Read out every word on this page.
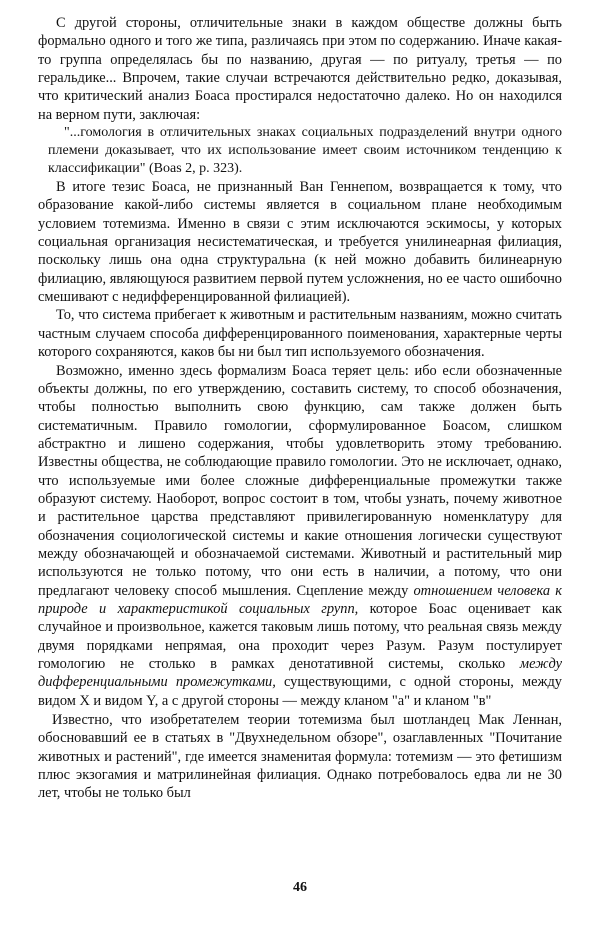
С другой стороны, отличительные знаки в каждом обществе должны быть формально одного и того же типа, различаясь при этом по содержанию. Иначе какая-то группа определялась бы по названию, другая — по ритуалу, третья — по геральдике... Впрочем, такие случаи встречаются действительно редко, доказывая, что критический анализ Боаса простирался недостаточно далеко. Но он находился на верном пути, заключая:

"...гомология в отличительных знаках социальных подразделений внутри одного племени доказывает, что их использование имеет своим источником тенденцию к классификации" (Boas 2, p. 323).

В итоге тезис Боаса, не признанный Ван Геннепом, возвращается к тому, что образование какой-либо системы является в социальном плане необходимым условием тотемизма. Именно в связи с этим исключаются эскимосы, у которых социальная организация несистематическая, и требуется унилинеарная филиация, поскольку лишь она одна структуральна (к ней можно добавить билинеарную филиацию, являющуюся развитием первой путем усложнения, но ее часто ошибочно смешивают с недифференцированной филиацией).

То, что система прибегает к животным и растительным названиям, можно считать частным случаем способа дифференцированного поименования, характерные черты которого сохраняются, каков бы ни был тип используемого обозначения.

Возможно, именно здесь формализм Боаса теряет цель: ибо если обозначенные объекты должны, по его утверждению, составить систему, то способ обозначения, чтобы полностью выполнить свою функцию, сам также должен быть систематичным. Правило гомологии, сформулированное Боасом, слишком абстрактно и лишено содержания, чтобы удовлетворить этому требованию. Известны общества, не соблюдающие правило гомологии. Это не исключает, однако, что используемые ими более сложные дифференциальные промежутки также образуют систему. Наоборот, вопрос состоит в том, чтобы узнать, почему животное и растительное царства представляют привилегированную номенклатуру для обозначения социологической системы и какие отношения логически существуют между обозначающей и обозначаемой системами. Животный и растительный мир используются не только потому, что они есть в наличии, а потому, что они предлагают человеку способ мышления. Сцепление между отношением человека к природе и характеристикой социальных групп, которое Боас оценивает как случайное и произвольное, кажется таковым лишь потому, что реальная связь между двумя порядками непрямая, она проходит через Разум. Разум постулирует гомологию не столько в рамках денотативной системы, сколько между дифференциальными промежутками, существующими, с одной стороны, между видом X и видом Y, а с другой стороны — между кланом "а" и кланом "в"

Известно, что изобретателем теории тотемизма был шотландец Мак Леннан, обосновавший ее в статьях в "Двухнедельном обзоре", озаглавленных "Почитание животных и растений", где имеется знаменитая формула: тотемизм — это фетишизм плюс экзогамия и матрилинейная филиация. Однако потребовалось едва ли не 30 лет, чтобы не только был

46
